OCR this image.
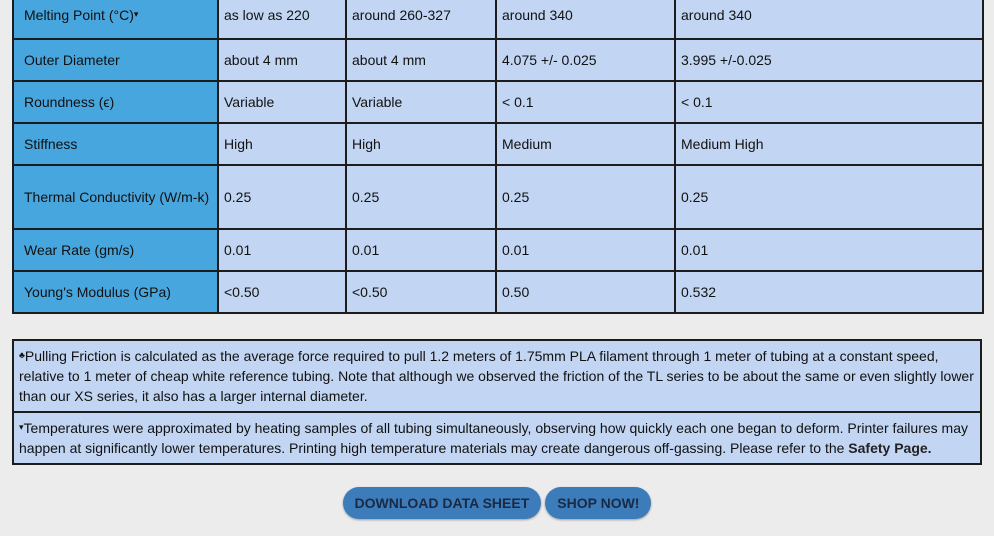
Melting Point (°C)▾	as low as 220	around 260-327	around 340	around 340
Outer Diameter	about 4 mm	about 4 mm	4.075 +/- 0.025	3.995 +/-0.025
Roundness (ϵ)	Variable	Variable	< 0.1	< 0.1
Stiffness	High	High	Medium	Medium High
Thermal Conductivity (W/m-k)	0.25	0.25	0.25	0.25
Wear Rate (gm/s)	0.01	0.01	0.01	0.01
Young's Modulus (GPa)	<0.50	<0.50	0.50	0.532
♣Pulling Friction is calculated as the average force required to pull 1.2 meters of 1.75mm PLA filament through 1 meter of tubing at a constant speed, relative to 1 meter of cheap white reference tubing. Note that although we observed the friction of the TL series to be about the same or even slightly lower than our XS series, it also has a larger internal diameter.
▾Temperatures were approximated by heating samples of all tubing simultaneously, observing how quickly each one began to deform. Printer failures may happen at significantly lower temperatures. Printing high temperature materials may create dangerous off-gassing. Please refer to the Safety Page.
DOWNLOAD DATA SHEET SHOP NOW!
